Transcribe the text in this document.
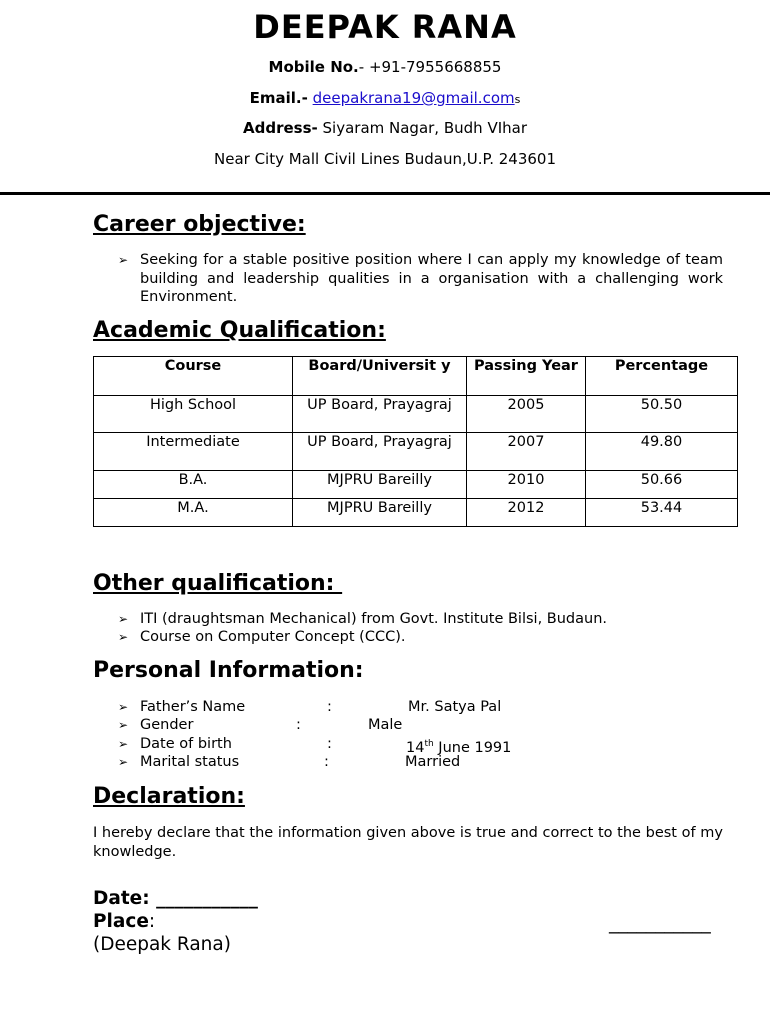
DEEPAK RANA
Mobile No.- +91-7955668855
Email.- deepakrana19@gmail.coms
Address- Siyaram Nagar, Budh VIhar
Near City Mall Civil Lines Budaun,U.P. 243601
Career objective:
➢ Seeking for a stable positive position where I can apply my knowledge of team building and leadership qualities in a organisation with a challenging work Environment.
Academic Qualification:
Course	Board/Universit y	Passing Year	Percentage
High School	UP Board, Prayagraj	2005	50.50
Intermediate	UP Board, Prayagraj	2007	49.80
B.A.	MJPRU Bareilly	2010	50.66
M.A.	MJPRU Bareilly	2012	53.44
Other qualification:
➢ ITI (draughtsman Mechanical) from Govt. Institute Bilsi, Budaun.
➢ Course on Computer Concept (CCC).
Personal Information:
➢ Father’s Name	:	Mr. Satya Pal
➢ Gender	:	Male
➢ Date of birth	:	14th June 1991
➢ Marital status	:	Married
Declaration:
I hereby declare that the information given above is true and correct to the best of my knowledge.
Date: ___________
Place:	___________
(Deepak Rana)
